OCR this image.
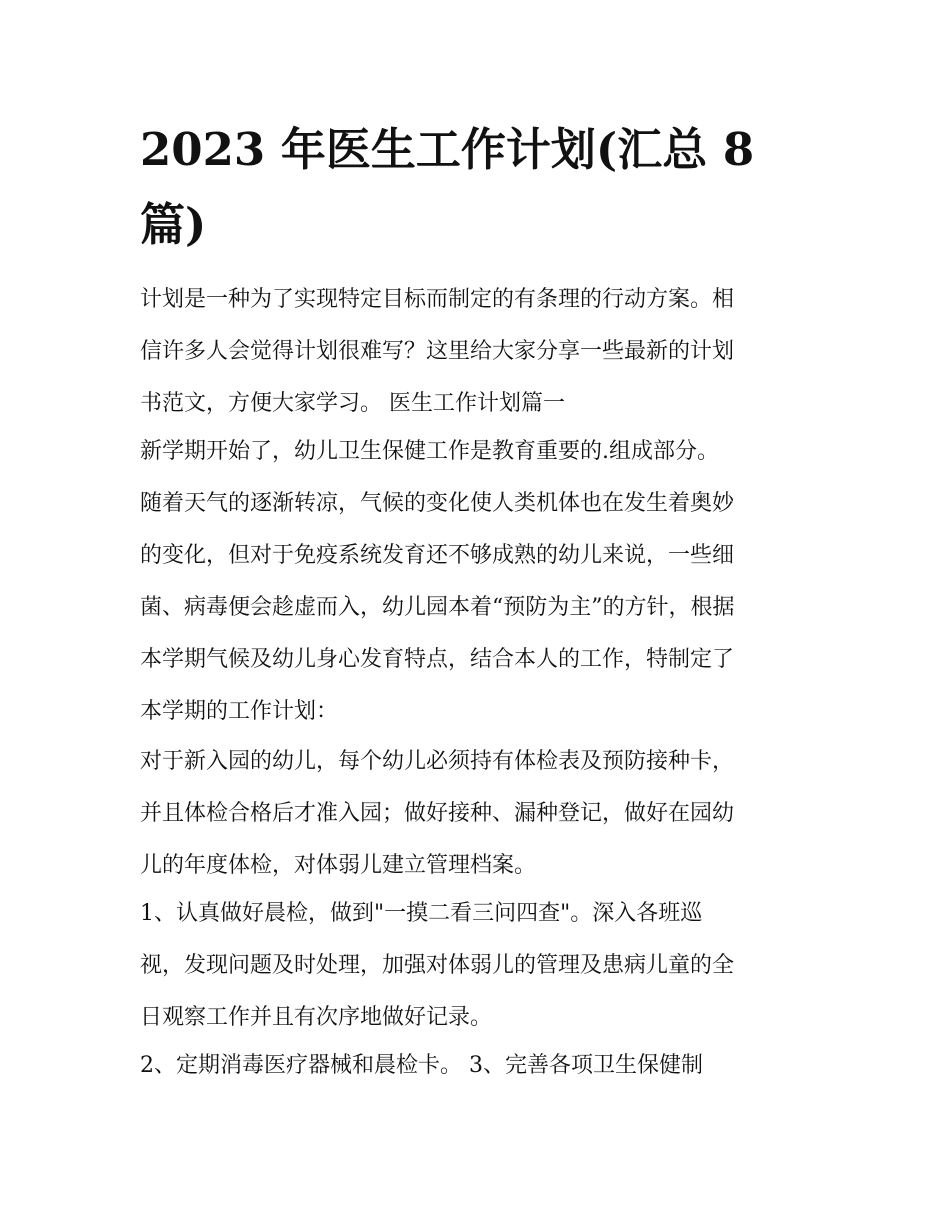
2023 年医生工作计划(汇总 8
篇)
计划是一种为了实现特定目标而制定的有条理的行动方案。相
信许多人会觉得计划很难写？这里给大家分享一些最新的计划
书范文，方便大家学习。 医生工作计划篇一
新学期开始了，幼儿卫生保健工作是教育重要的.组成部分。
随着天气的逐渐转凉，气候的变化使人类机体也在发生着奥妙
的变化，但对于免疫系统发育还不够成熟的幼儿来说，一些细
菌、病毒便会趁虚而入，幼儿园本着“预防为主”的方针，根据
本学期气候及幼儿身心发育特点，结合本人的工作，特制定了
本学期的工作计划：
对于新入园的幼儿，每个幼儿必须持有体检表及预防接种卡，
并且体检合格后才准入园；做好接种、漏种登记，做好在园幼
儿的年度体检，对体弱儿建立管理档案。
1、认真做好晨检，做到"一摸二看三问四查"。深入各班巡
视，发现问题及时处理，加强对体弱儿的管理及患病儿童的全
日观察工作并且有次序地做好记录。
2、定期消毒医疗器械和晨检卡。 3、完善各项卫生保健制
